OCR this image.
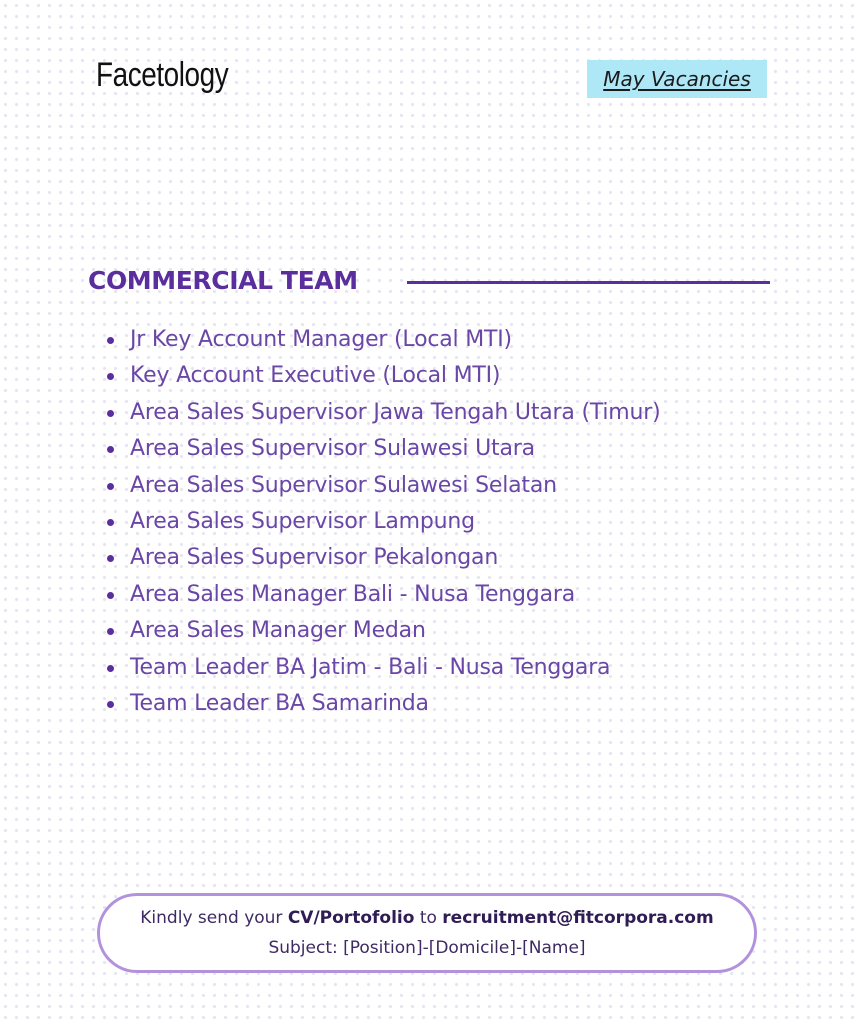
Facetology	May Vacancies
COMMERCIAL TEAM
Jr Key Account Manager (Local MTI)
Key Account Executive (Local MTI)
Area Sales Supervisor Jawa Tengah Utara (Timur)
Area Sales Supervisor Sulawesi Utara
Area Sales Supervisor Sulawesi Selatan
Area Sales Supervisor Lampung
Area Sales Supervisor Pekalongan
Area Sales Manager Bali - Nusa Tenggara
Area Sales Manager Medan
Team Leader BA Jatim - Bali - Nusa Tenggara
Team Leader BA Samarinda
Kindly send your CV/Portofolio to recruitment@fitcorpora.com
Subject: [Position]-[Domicile]-[Name]
